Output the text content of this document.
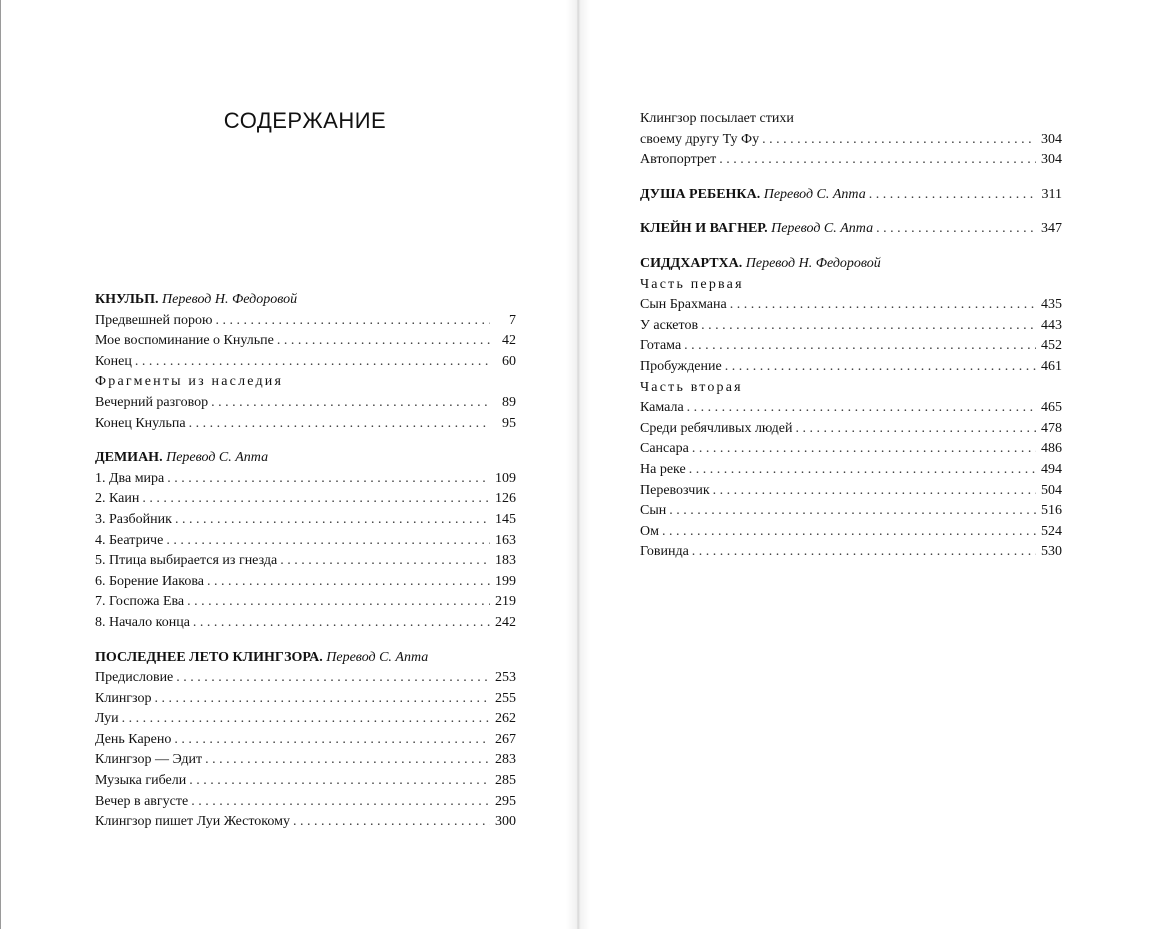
СОДЕРЖАНИЕ

КНУЛЬП. Перевод Н. Федоровой

Предвешней порою . . .	7
Мое воспоминание о Кнульпе . . .	42
Конец . . .	60

Фрагменты из наследия

Вечерний разговор . . .	89
Конец Кнульпа . . .	95

ДЕМИАН. Перевод С. Апта

1. Два мира . . .	109
2. Каин . . .	126
3. Разбойник . . .	145
4. Беатриче . . .	163
5. Птица выбирается из гнезда . . .	183
6. Борение Иакова . . .	199
7. Госпожа Ева . . .	219
8. Начало конца . . .	242

ПОСЛЕДНЕЕ ЛЕТО КЛИНГЗОРА. Перевод С. Апта

Предисловие . . .	253
Клингзор . . .	255
Луи . . .	262
День Карено . . .	267
Клингзор — Эдит . . .	283
Музыка гибели . . .	285
Вечер в августе . . .	295
Клингзор пишет Луи Жестокому . . .	300

Клингзор посылает стихи

своему другу Ту Фу . . .	304
Автопортрет . . .	304
ДУША РЕБЕНКА. Перевод С. Апта . . .	311
КЛЕЙН И ВАГНЕР. Перевод С. Апта . . .	347

СИДДХАРТХА. Перевод Н. Федоровой

Часть первая

Сын Брахмана . . .	435
У аскетов . . .	443
Готама . . .	452
Пробуждение . . .	461

Часть вторая

Камала . . .	465
Среди ребячливых людей . . .	478
Сансара . . .	486
На реке . . .	494
Перевозчик . . .	504
Сын . . .	516
Ом . . .	524
Говинда . . .	530
